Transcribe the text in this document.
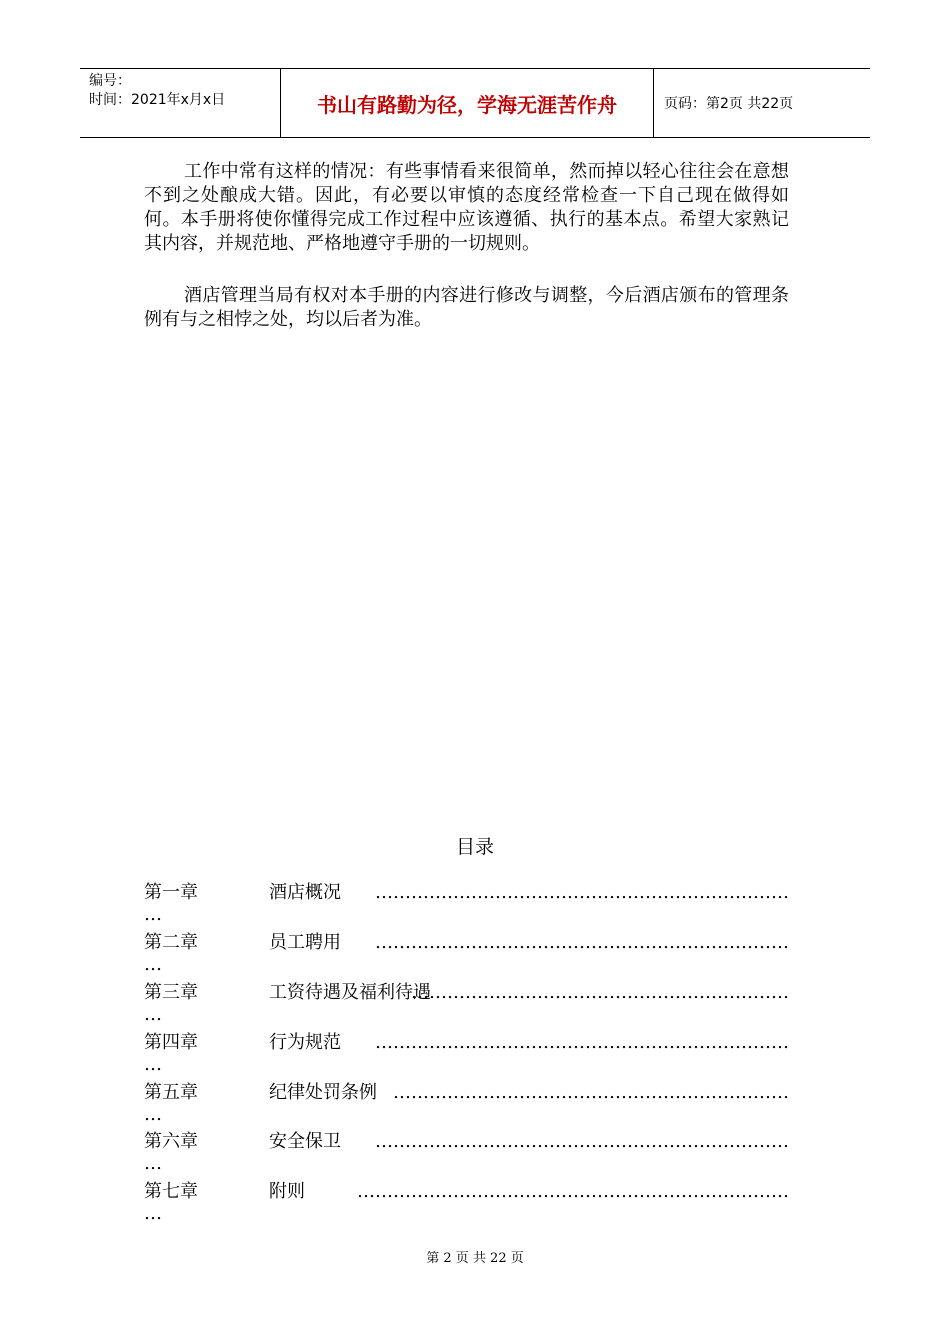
编号：
时间：2021年x月x日	书山有路勤为径，学海无涯苦作舟	页码：第2页 共22页

工作中常有这样的情况：有些事情看来很简单，然而掉以轻心往往会在意想不到之处酿成大错。因此，有必要以审慎的态度经常检查一下自己现在做得如何。本手册将使你懂得完成工作过程中应该遵循、执行的基本点。希望大家熟记其内容，并规范地、严格地遵守手册的一切规则。

酒店管理当局有权对本手册的内容进行修改与调整，今后酒店颁布的管理条例有与之相悖之处，均以后者为准。

目录
第一章	酒店概况 ……………………………………………………………
…
第二章	员工聘用 ……………………………………………………………
…
第三章	工资待遇及福利待遇
………………………………………………………
…
第四章	行为规范 ……………………………………………………………
…
第五章	纪律处罚条例 …………………………………………………………
…
第六章	安全保卫 ……………………………………………………………
…
第七章	附则	………………………………………………………………
…
第 2 页 共 22 页
